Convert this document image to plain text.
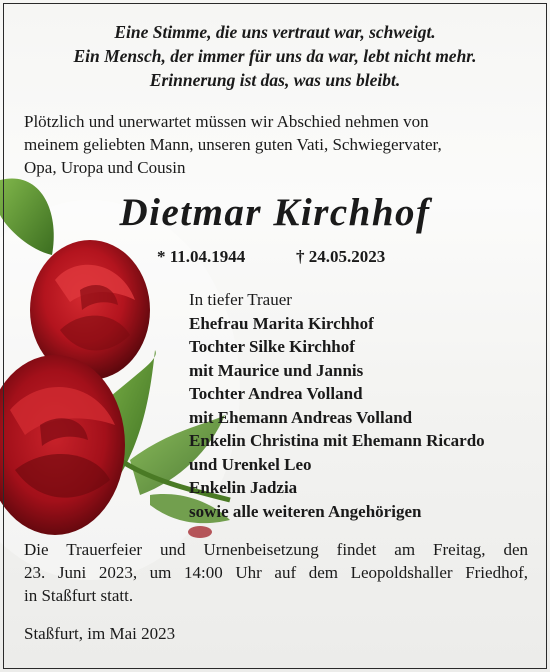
Eine Stimme, die uns vertraut war, schweigt.
Ein Mensch, der immer für uns da war, lebt nicht mehr.
Erinnerung ist das, was uns bleibt.
Plötzlich und unerwartet müssen wir Abschied nehmen von
meinem geliebten Mann, unseren guten Vati, Schwiegervater,
Opa, Uropa und Cousin
Dietmar Kirchhof
* 11.04.1944	† 24.05.2023
In tiefer Trauer
Ehefrau Marita Kirchhof
Tochter Silke Kirchhof
mit Maurice und Jannis
Tochter Andrea Volland
mit Ehemann Andreas Volland
Enkelin Christina mit Ehemann Ricardo
und Urenkel Leo
Enkelin Jadzia
sowie alle weiteren Angehörigen
Die Trauerfeier und Urnenbeisetzung findet am Freitag, den
23. Juni 2023, um 14:00 Uhr auf dem Leopoldshaller Friedhof,
in Staßfurt statt.
Staßfurt, im Mai 2023
